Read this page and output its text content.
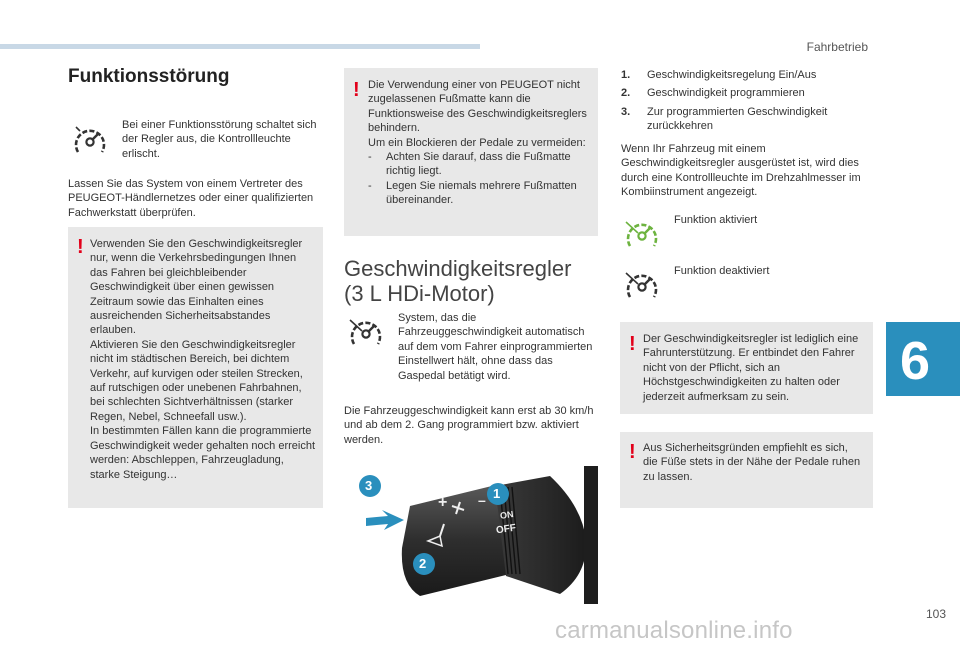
Fahrbetrieb
6
Funktionsstörung
Bei einer Funktionsstörung schaltet sich der Regler aus, die Kontrollleuchte erlischt.
Lassen Sie das System von einem Vertreter des PEUGEOT-Händlernetzes oder einer qualifizierten Fachwerkstatt überprüfen.
! Verwenden Sie den Geschwindigkeitsregler nur, wenn die Verkehrsbedingungen Ihnen das Fahren bei gleichbleibender Geschwindigkeit über einen gewissen Zeitraum sowie das Einhalten eines ausreichenden Sicherheitsabstandes erlauben.
Aktivieren Sie den Geschwindigkeitsregler nicht im städtischen Bereich, bei dichtem Verkehr, auf kurvigen oder steilen Strecken, auf rutschigen oder unebenen Fahrbahnen, bei schlechten Sichtverhältnissen (starker Regen, Nebel, Schneefall usw.).
In bestimmten Fällen kann die programmierte Geschwindigkeit weder gehalten noch erreicht werden: Abschleppen, Fahrzeugladung, starke Steigung…
! Die Verwendung einer von PEUGEOT nicht zugelassenen Fußmatte kann die Funktionsweise des Geschwindigkeitsreglers behindern.
Um ein Blockieren der Pedale zu vermeiden:
- Achten Sie darauf, dass die Fußmatte richtig liegt.
- Legen Sie niemals mehrere Fußmatten übereinander.
Geschwindigkeitsregler (3 L HDi-Motor)
System, das die Fahrzeuggeschwindigkeit automatisch auf dem vom Fahrer einprogrammierten Einstellwert hält, ohne dass das Gaspedal betätigt wird.
Die Fahrzeuggeschwindigkeit kann erst ab 30 km/h und ab dem 2. Gang programmiert bzw. aktiviert werden.
3
1
2
+ –
ON
OFF
1.	Geschwindigkeitsregelung Ein/Aus
2.	Geschwindigkeit programmieren
3.	Zur programmierten Geschwindigkeit zurückkehren
Wenn Ihr Fahrzeug mit einem Geschwindigkeitsregler ausgerüstet ist, wird dies durch eine Kontrollleuchte im Drehzahlmesser im Kombiinstrument angezeigt.
Funktion aktiviert
Funktion deaktiviert
! Der Geschwindigkeitsregler ist lediglich eine Fahrunterstützung. Er entbindet den Fahrer nicht von der Pflicht, sich an Höchstgeschwindigkeiten zu halten oder jederzeit aufmerksam zu sein.
! Aus Sicherheitsgründen empfiehlt es sich, die Füße stets in der Nähe der Pedale ruhen zu lassen.
103
carmanualsonline.info
